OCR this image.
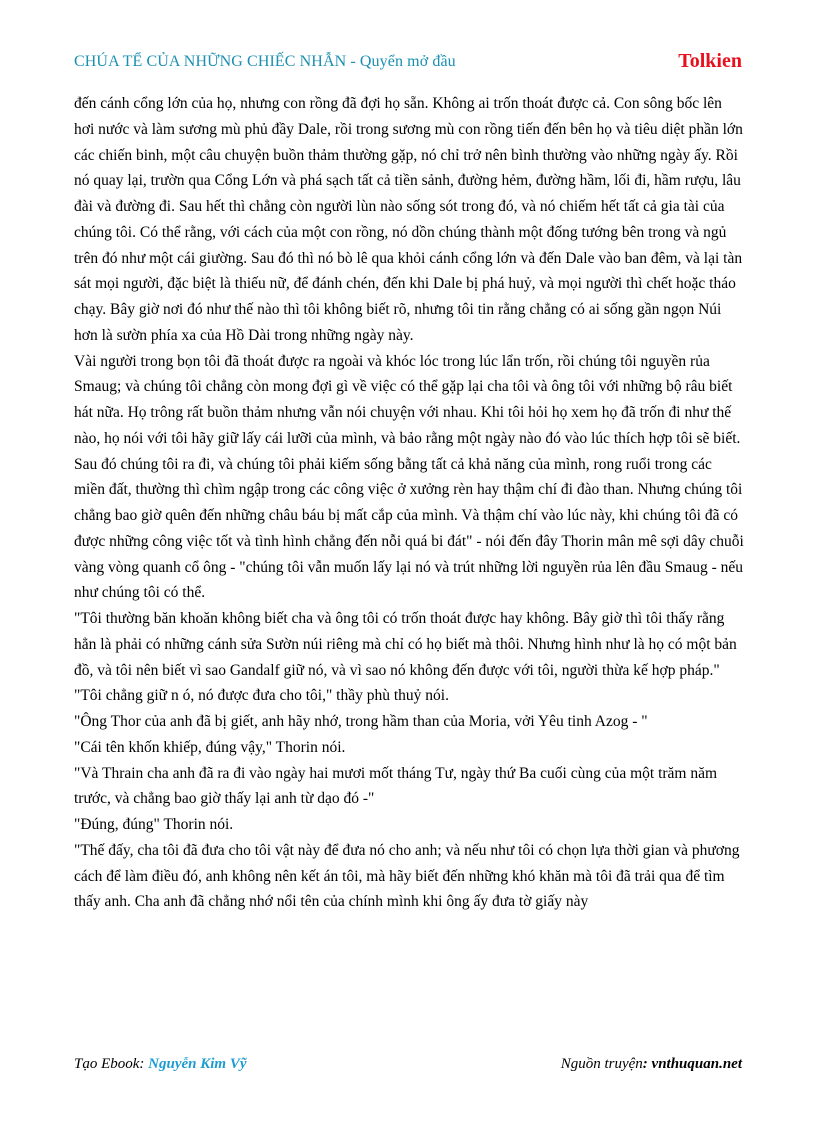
CHÚA TỂ CỦA NHỮNG CHIẾC NHẪN - Quyển mở đầu	Tolkien

đến cánh cổng lớn của họ, nhưng con rồng đã đợi họ sẵn. Không ai trốn thoát được cả. Con sông bốc lên hơi nước và làm sương mù phủ đầy Dale, rồi trong sương mù con rồng tiến đến bên họ và tiêu diệt phần lớn các chiến binh, một câu chuyện buồn thảm thường gặp, nó chỉ trở nên bình thường vào những ngày ấy. Rồi nó quay lại, trườn qua Cổng Lớn và phá sạch tất cả tiền sảnh, đường hẻm, đường hầm, lối đi, hầm rượu, lâu đài và đường đi. Sau hết thì chẳng còn người lùn nào sống sót trong đó, và nó chiếm hết tất cả gia tài của chúng tôi. Có thể rằng, với cách của một con rồng, nó dồn chúng thành một đống tướng bên trong và ngủ trên đó như một cái giường. Sau đó thì nó bò lê qua khỏi cánh cổng lớn và đến Dale vào ban đêm, và lại tàn sát mọi người, đặc biệt là thiếu nữ, để đánh chén, đến khi Dale bị phá huỷ, và mọi người thì chết hoặc tháo chạy. Bây giờ nơi đó như thế nào thì tôi không biết rõ, nhưng tôi tin rằng chẳng có ai sống gần ngọn Núi hơn là sườn phía xa của Hồ Dài trong những ngày này.

Vài người trong bọn tôi đã thoát được ra ngoài và khóc lóc trong lúc lẩn trốn, rồi chúng tôi nguyền rủa Smaug; và chúng tôi chẳng còn mong đợi gì về việc có thể gặp lại cha tôi và ông tôi với những bộ râu biết hát nữa. Họ trông rất buồn thảm nhưng vẫn nói chuyện với nhau. Khi tôi hỏi họ xem họ đã trốn đi như thế nào, họ nói với tôi hãy giữ lấy cái lưỡi của mình, và bảo rằng một ngày nào đó vào lúc thích hợp tôi sẽ biết. Sau đó chúng tôi ra đi, và chúng tôi phải kiếm sống bằng tất cả khả năng của mình, rong ruổi trong các miền đất, thường thì chìm ngập trong các công việc ở xưởng rèn hay thậm chí đi đào than. Nhưng chúng tôi chẳng bao giờ quên đến những châu báu bị mất cắp của mình. Và thậm chí vào lúc này, khi chúng tôi đã có được những công việc tốt và tình hình chẳng đến nỗi quá bi đát" - nói đến đây Thorin mân mê sợi dây chuỗi vàng vòng quanh cổ ông - "chúng tôi vẫn muốn lấy lại nó và trút những lời nguyền rủa lên đầu Smaug - nếu như chúng tôi có thể.

"Tôi thường băn khoăn không biết cha và ông tôi có trốn thoát được hay không. Bây giờ thì tôi thấy rằng hẳn là phải có những cánh sửa Sườn núi riêng mà chỉ có họ biết mà thôi. Nhưng hình như là họ có một bản đồ, và tôi nên biết vì sao Gandalf giữ nó, và vì sao nó không đến được với tôi, người thừa kế hợp pháp."

"Tôi chẳng giữ n ó, nó được đưa cho tôi," thầy phù thuỷ nói.

"Ông Thor của anh đã bị giết, anh hãy nhớ, trong hầm than của Moria, vởi Yêu tinh Azog - "

"Cái tên khốn khiếp, đúng vậy," Thorin nói.

"Và Thrain cha anh đã ra đi vào ngày hai mươi mốt tháng Tư, ngày thứ Ba cuối cùng của một trăm năm trước, và chẳng bao giờ thấy lại anh từ dạo đó -"

"Đúng, đúng" Thorin nói.

"Thế đấy, cha tôi đã đưa cho tôi vật này để đưa nó cho anh; và nếu như tôi có chọn lựa thời gian và phương cách để làm điều đó, anh không nên kết án tôi, mà hãy biết đến những khó khăn mà tôi đã trải qua để tìm thấy anh. Cha anh đã chẳng nhớ nổi tên của chính mình khi ông ấy đưa tờ giấy này

Tạo Ebook: Nguyễn Kim Vỹ	Nguồn truyện: vnthuquan.net
